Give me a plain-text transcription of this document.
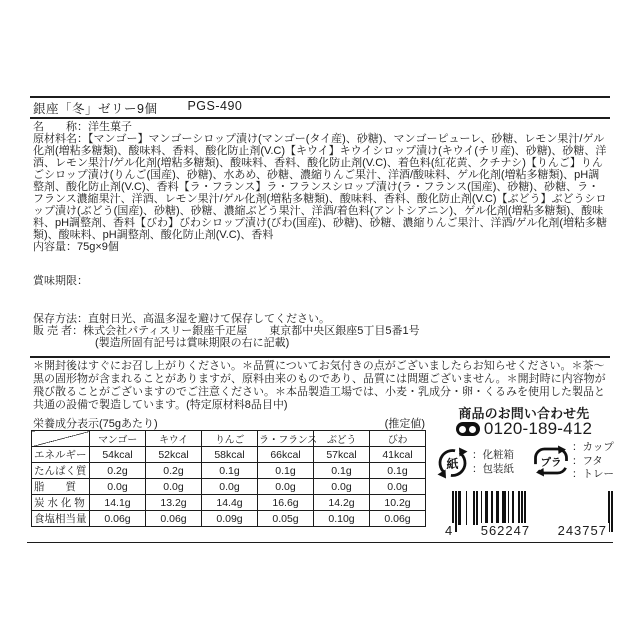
銀座「冬」ゼリー9個 PGS-490
名　　称：洋生菓子
原材料名：【マンゴー】マンゴーシロップ漬け(マンゴー(タイ産)、砂糖)、マンゴーピューレ、砂糖、レモン果汁/ゲル化剤(増粘多糖類)、酸味料、香料、酸化防止剤(V.C)【キウイ】キウイシロップ漬け(キウイ(チリ産)、砂糖)、砂糖、洋酒、レモン果汁/ゲル化剤(増粘多糖類)、酸味料、香料、酸化防止剤(V.C)、着色料(紅花黄、クチナシ)【りんご】りんごシロップ漬け(りんご(国産)、砂糖)、水あめ、砂糖、濃縮りんご果汁、洋酒/酸味料、ゲル化剤(増粘多糖類)、pH調整剤、酸化防止剤(V.C)、香料【ラ・フランス】ラ・フランスシロップ漬け(ラ・フランス(国産)、砂糖)、砂糖、ラ・フランス濃縮果汁、洋酒、レモン果汁/ゲル化剤(増粘多糖類)、酸味料、香料、酸化防止剤(V.C)【ぶどう】ぶどうシロップ漬け(ぶどう(国産)、砂糖)、砂糖、濃縮ぶどう果汁、洋酒/着色料(アントシアニン)、ゲル化剤(増粘多糖類)、酸味料、pH調整剤、香料【びわ】びわシロップ漬け(びわ(国産)、砂糖)、砂糖、濃縮りんご果汁、洋酒/ゲル化剤(増粘多糖類)、酸味料、pH調整剤、酸化防止剤(V.C)、香料
内容量：75g×9個
賞味期限：
保存方法：直射日光、高温多湿を避けて保存してください。
販 売 者：株式会社パティスリー銀座千疋屋　　 東京都中央区銀座5丁目5番1号
(製造所固有記号は賞味期限の右に記載)
＊開封後はすぐにお召し上がりください。＊品質についてお気付きの点がございましたらお知らせください。＊茶～黒の固形物が含まれることがありますが、原料由来のものであり、品質には問題ございません。＊開封時に内容物が飛び散ることがございますのでご注意ください。＊本品製造工場では、小麦・乳成分・卵・くるみを使用した製品と共通の設備で製造しています。(特定原材料8品目中)
栄養成分表示(75gあたり)	(推定値)
	マンゴー	キウイ	りんご	ラ・フランス	ぶどう	びわ
エネルギー	54kcal	52kcal	58kcal	66kcal	57kcal	41kcal
たんぱく質	0.2g	0.2g	0.1g	0.1g	0.1g	0.1g
脂　　質	0.0g	0.0g	0.0g	0.0g	0.0g	0.0g
炭 水 化 物	14.1g	13.2g	14.4g	16.6g	14.2g	10.2g
食塩相当量	0.06g	0.06g	0.09g	0.05g	0.10g	0.06g
商品のお問い合わせ先
0120-189-412
紙
：化粧箱
：包装紙	プラ
：カップ
：フタ
：トレー
4 562247 243757
